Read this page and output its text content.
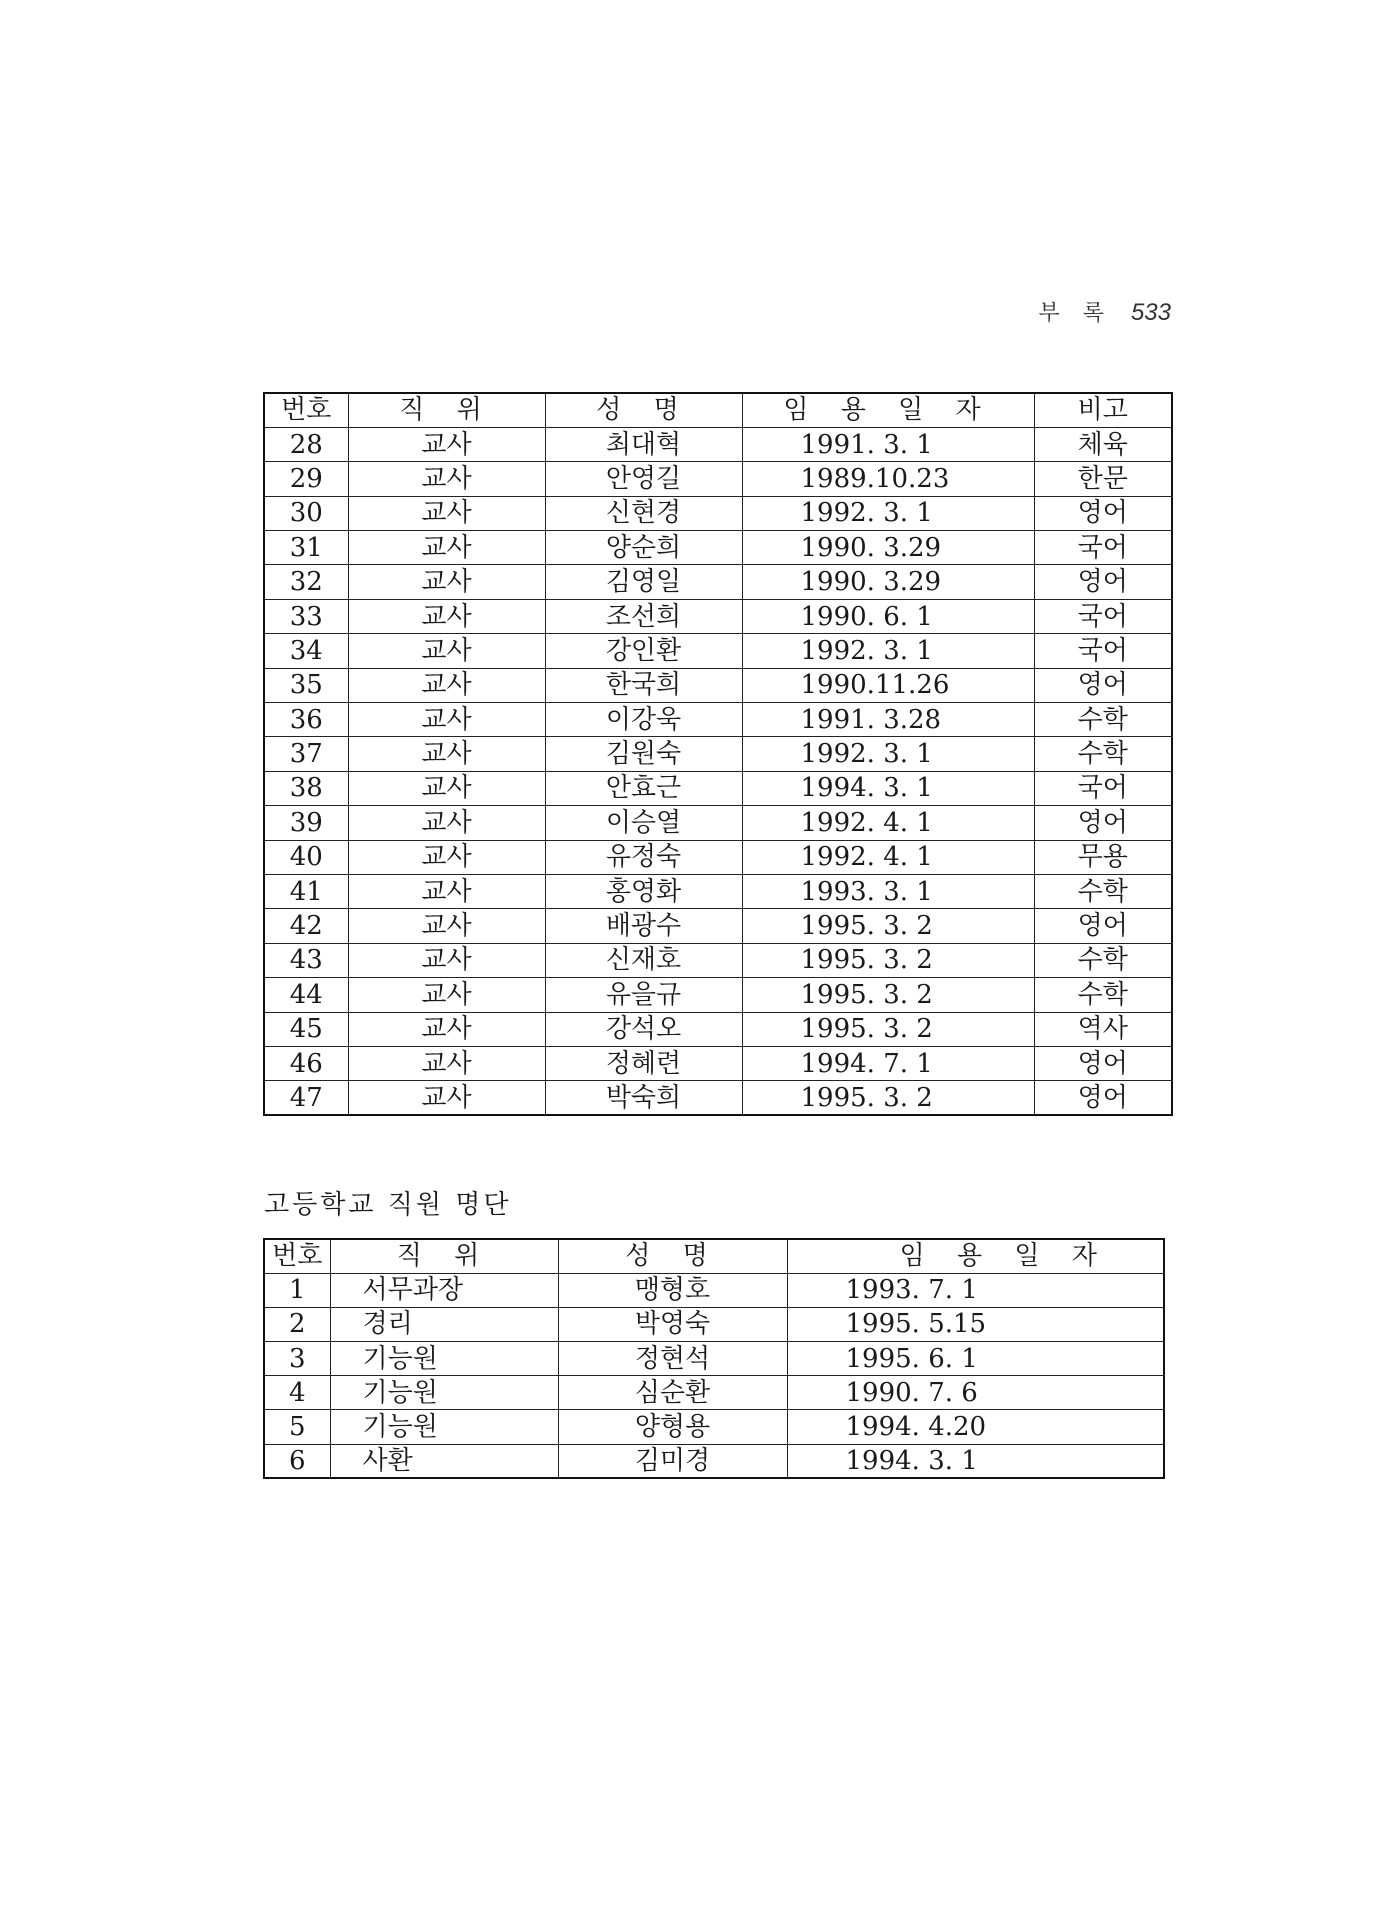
부 록 533
번호	직 위	성 명	임 용 일 자	비고
28	교사	최대혁	1991. 3. 1	체육
29	교사	안영길	1989.10.23	한문
30	교사	신현경	1992. 3. 1	영어
31	교사	양순희	1990. 3.29	국어
32	교사	김영일	1990. 3.29	영어
33	교사	조선희	1990. 6. 1	국어
34	교사	강인환	1992. 3. 1	국어
35	교사	한국희	1990.11.26	영어
36	교사	이강욱	1991. 3.28	수학
37	교사	김원숙	1992. 3. 1	수학
38	교사	안효근	1994. 3. 1	국어
39	교사	이승열	1992. 4. 1	영어
40	교사	유정숙	1992. 4. 1	무용
41	교사	홍영화	1993. 3. 1	수학
42	교사	배광수	1995. 3. 2	영어
43	교사	신재호	1995. 3. 2	수학
44	교사	유을규	1995. 3. 2	수학
45	교사	강석오	1995. 3. 2	역사
46	교사	정혜련	1994. 7. 1	영어
47	교사	박숙희	1995. 3. 2	영어
고등학교 직원 명단
번호	직 위	성 명	임 용 일 자
1	서무과장	맹형호	1993. 7. 1
2	경리	박영숙	1995. 5.15
3	기능원	정현석	1995. 6. 1
4	기능원	심순환	1990. 7. 6
5	기능원	양형용	1994. 4.20
6	사환	김미경	1994. 3. 1
